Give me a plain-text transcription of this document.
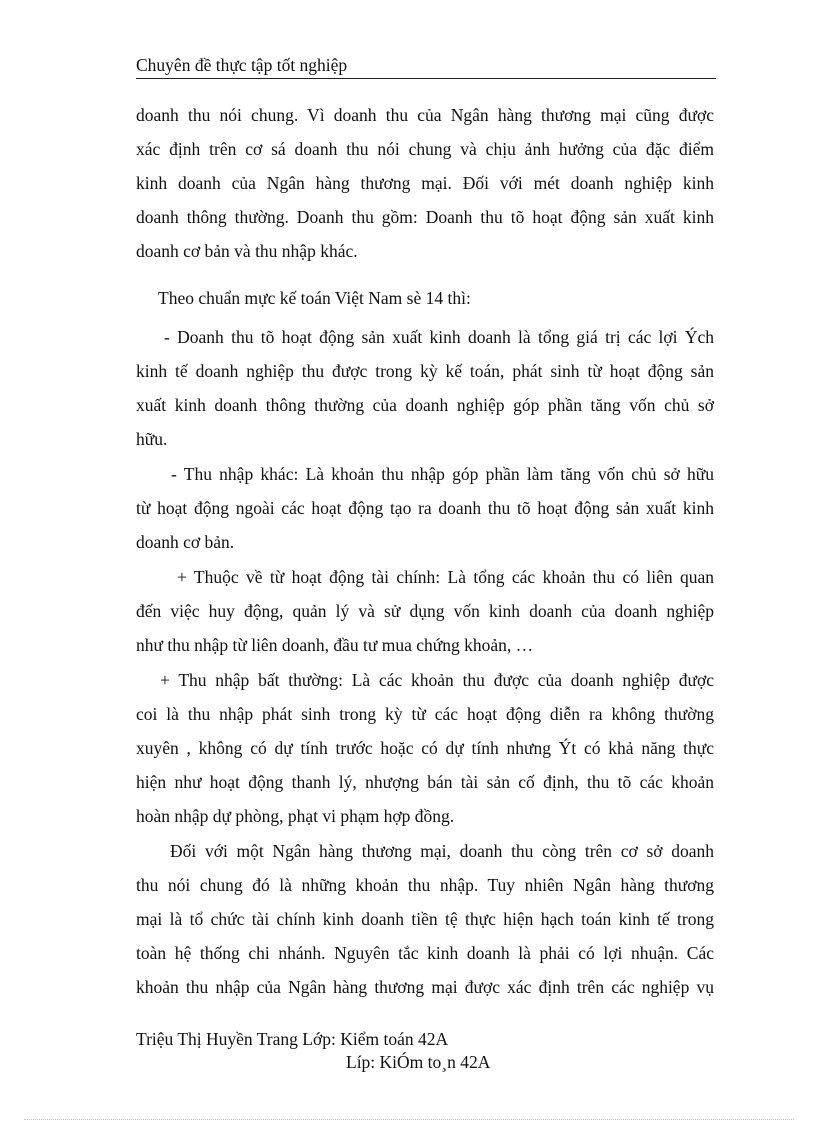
Chuyên đề thực tập tốt nghiệp
doanh thu nói chung. Vì doanh thu của Ngân hàng thương mại cũng được
xác định trên cơ sá doanh thu nói chung và chịu ảnh hưởng của đặc điểm
kinh doanh của Ngân hàng thương mại. Đối với mét doanh nghiệp kinh
doanh thông thường. Doanh thu gồm: Doanh thu tõ hoạt động sản xuất kinh
doanh cơ bản và thu nhập khác.
Theo chuẩn mực kế toán Việt Nam sè 14 thì:
- Doanh thu tõ hoạt động sản xuất kinh doanh là tổng giá trị các lợi Ých
kinh tế doanh nghiệp thu được trong kỳ kế toán, phát sinh từ hoạt động sản
xuất kinh doanh thông thường của doanh nghiệp góp phần tăng vốn chủ sở
hữu.
- Thu nhập khác: Là khoản thu nhập góp phần làm tăng vốn chủ sở hữu
từ hoạt động ngoài các hoạt động tạo ra doanh thu tõ hoạt động sản xuất kinh
doanh cơ bản.
+ Thuộc về từ hoạt động tài chính: Là tổng các khoản thu có liên quan
đến việc huy động, quản lý và sử dụng vốn kinh doanh của doanh nghiệp
như thu nhập từ liên doanh, đầu tư mua chứng khoản, …
+ Thu nhập bất thường: Là các khoản thu được của doanh nghiệp được
coi là thu nhập phát sinh trong kỳ từ các hoạt động diễn ra không thường
xuyên , không có dự tính trước hoặc có dự tính nhưng Ýt có khả năng thực
hiện như hoạt động thanh lý, nhượng bán tài sản cố định, thu tõ các khoản
hoàn nhập dự phòng, phạt vi phạm hợp đồng.
Đối với một Ngân hàng thương mại, doanh thu còng trên cơ sở doanh
thu nói chung đó là những khoản thu nhập. Tuy nhiên Ngân hàng thương
mại là tổ chức tài chính kinh doanh tiền tệ thực hiện hạch toán kinh tế trong
toàn hệ thống chi nhánh. Nguyên tắc kinh doanh là phải có lợi nhuận. Các
khoản thu nhập của Ngân hàng thương mại được xác định trên các nghiệp vụ
Triệu Thị Huyền Trang Lớp: Kiểm toán 42A
Líp: KiÓm to¸n 42A
